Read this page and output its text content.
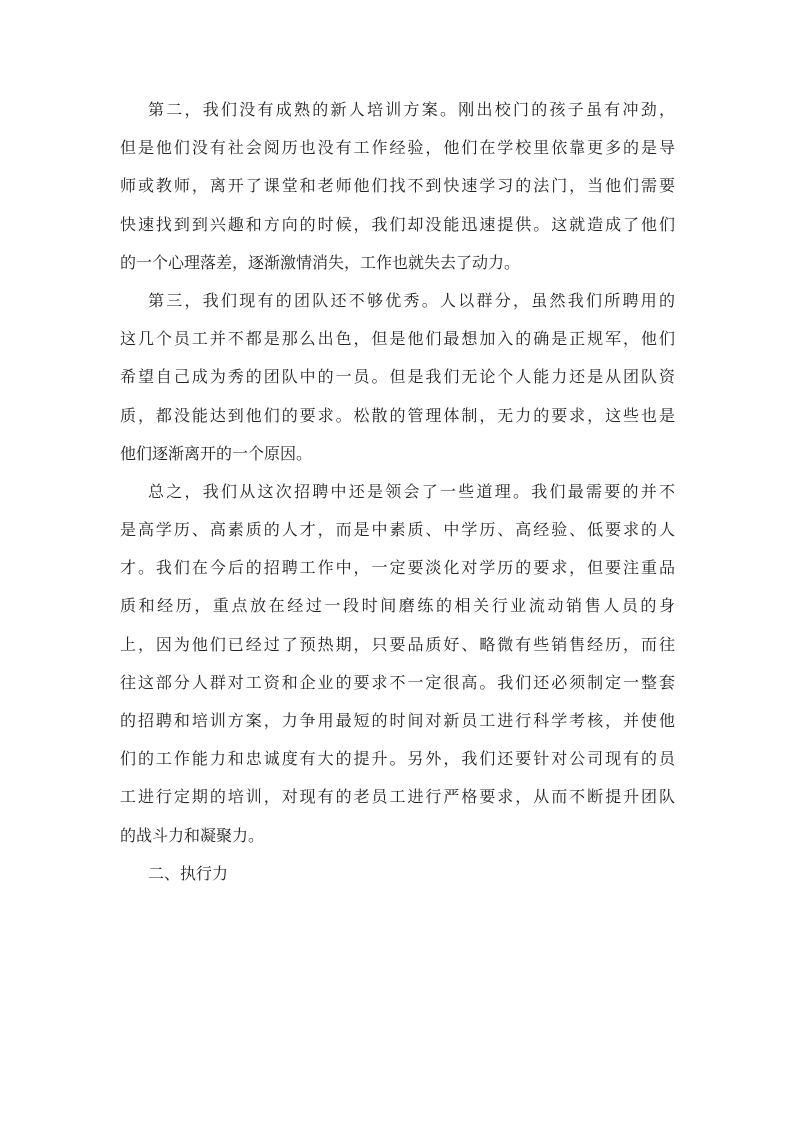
第二，我们没有成熟的新人培训方案。刚出校门的孩子虽有冲劲，
但是他们没有社会阅历也没有工作经验，他们在学校里依靠更多的是导
师或教师，离开了课堂和老师他们找不到快速学习的法门，当他们需要
快速找到到兴趣和方向的时候，我们却没能迅速提供。这就造成了他们
的一个心理落差，逐渐激情消失，工作也就失去了动力。
第三，我们现有的团队还不够优秀。人以群分，虽然我们所聘用的
这几个员工并不都是那么出色，但是他们最想加入的确是正规军，他们
希望自己成为秀的团队中的一员。但是我们无论个人能力还是从团队资
质，都没能达到他们的要求。松散的管理体制，无力的要求，这些也是
他们逐渐离开的一个原因。
总之，我们从这次招聘中还是领会了一些道理。我们最需要的并不
是高学历、高素质的人才，而是中素质、中学历、高经验、低要求的人
才。我们在今后的招聘工作中，一定要淡化对学历的要求，但要注重品
质和经历，重点放在经过一段时间磨练的相关行业流动销售人员的身
上，因为他们已经过了预热期，只要品质好、略微有些销售经历，而往
往这部分人群对工资和企业的要求不一定很高。我们还必须制定一整套
的招聘和培训方案，力争用最短的时间对新员工进行科学考核，并使他
们的工作能力和忠诚度有大的提升。另外，我们还要针对公司现有的员
工进行定期的培训，对现有的老员工进行严格要求，从而不断提升团队
的战斗力和凝聚力。
二、执行力
